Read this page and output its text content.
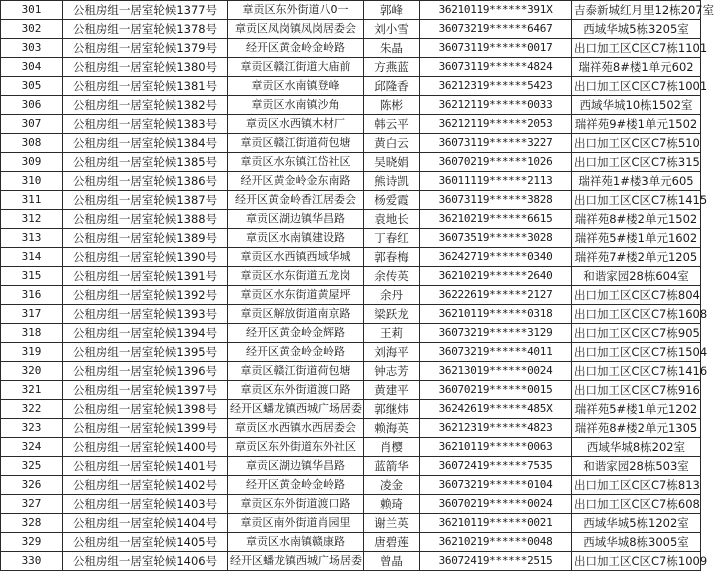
301	公租房组一居室轮候1377号	章贡区东外街道八0一	郭峰	36210119******391X	吉泰新城红月里12栋207室
302	公租房组一居室轮候1378号	章贡区凤岗镇凤岗居委会	刘小雪	36073219******6467	西域华城5栋3205室
303	公租房组一居室轮候1379号	经开区黄金岭金岭路	朱晶	36073119******0017	出口加工区C区C7栋1101
304	公租房组一居室轮候1380号	章贡区赣江街道大庙前	方燕蓝	36073119******4824	瑞祥苑8#楼1单元602
305	公租房组一居室轮候1381号	章贡区水南镇登峰	邱隆香	36212319******5423	出口加工区C区C7栋1001
306	公租房组一居室轮候1382号	章贡区水南镇沙角	陈彬	36212119******0033	西域华城10栋1502室
307	公租房组一居室轮候1383号	章贡区水西镇木材厂	韩云平	36212119******2053	瑞祥苑9#楼1单元1502
308	公租房组一居室轮候1384号	章贡区赣江街道荷包塘	黄白云	36073119******3227	出口加工区C区C7栋510
309	公租房组一居室轮候1385号	章贡区水东镇江岱社区	吴晓娟	36070219******1026	出口加工区C区C7栋315
310	公租房组一居室轮候1386号	经开区黄金岭金东南路	熊诗凯	36011119******2113	瑞祥苑1#楼3单元605
311	公租房组一居室轮候1387号	经开区黄金岭香江居委会	杨爱霞	36073119******3828	出口加工区C区C7栋1415
312	公租房组一居室轮候1388号	章贡区湖边镇华昌路	袁地长	36210219******6615	瑞祥苑8#楼2单元1502
313	公租房组一居室轮候1389号	章贡区水南镇建设路	丁春红	36073519******3028	瑞祥苑5#楼1单元1602
314	公租房组一居室轮候1390号	章贡区水西镇西域华城	郭春梅	36242719******0340	瑞祥苑7#楼2单元1205
315	公租房组一居室轮候1391号	章贡区水东街道五龙岗	余传英	36210219******2640	和谐家园28栋604室
316	公租房组一居室轮候1392号	章贡区水东街道黄屋坪	余丹	36222619******2127	出口加工区C区C7栋804
317	公租房组一居室轮候1393号	章贡区解放街道南京路	梁跃龙	36210119******0318	出口加工区C区C7栋1608
318	公租房组一居室轮候1394号	经开区黄金岭金辉路	王莉	36073219******3129	出口加工区C区C7栋905
319	公租房组一居室轮候1395号	经开区黄金岭金岭路	刘海平	36073219******4011	出口加工区C区C7栋1504
320	公租房组一居室轮候1396号	章贡区赣江街道荷包塘	钟志芳	36213019******0024	出口加工区C区C7栋1416
321	公租房组一居室轮候1397号	章贡区东外街道渡口路	黄建平	36070219******0015	出口加工区C区C7栋916
322	公租房组一居室轮候1398号	经开区蟠龙镇西城广场居委	郭继炜	36242619******485X	瑞祥苑5#楼1单元1202
323	公租房组一居室轮候1399号	章贡区水西镇水西居委会	赖海英	36212319******4823	瑞祥苑8#楼2单元1305
324	公租房组一居室轮候1400号	章贡区东外街道东外社区	肖樱	36210119******0063	西域华城8栋202室
325	公租房组一居室轮候1401号	章贡区湖边镇华昌路	蓝箭华	36072419******7535	和谐家园28栋503室
326	公租房组一居室轮候1402号	经开区黄金岭金岭路	凌金	36073219******0104	出口加工区C区C7栋813
327	公租房组一居室轮候1403号	章贡区东外街道渡口路	赖琦	36070219******0024	出口加工区C区C7栋608
328	公租房组一居室轮候1404号	章贡区南外街道肖园里	谢兰英	36210119******0021	西域华城5栋1202室
329	公租房组一居室轮候1405号	章贡区水南镇赣康路	唐碧莲	36210219******0048	西域华城8栋3005室
330	公租房组一居室轮候1406号	经开区蟠龙镇西城广场居委	曾晶	36072419******2515	出口加工区C区C7栋1009
